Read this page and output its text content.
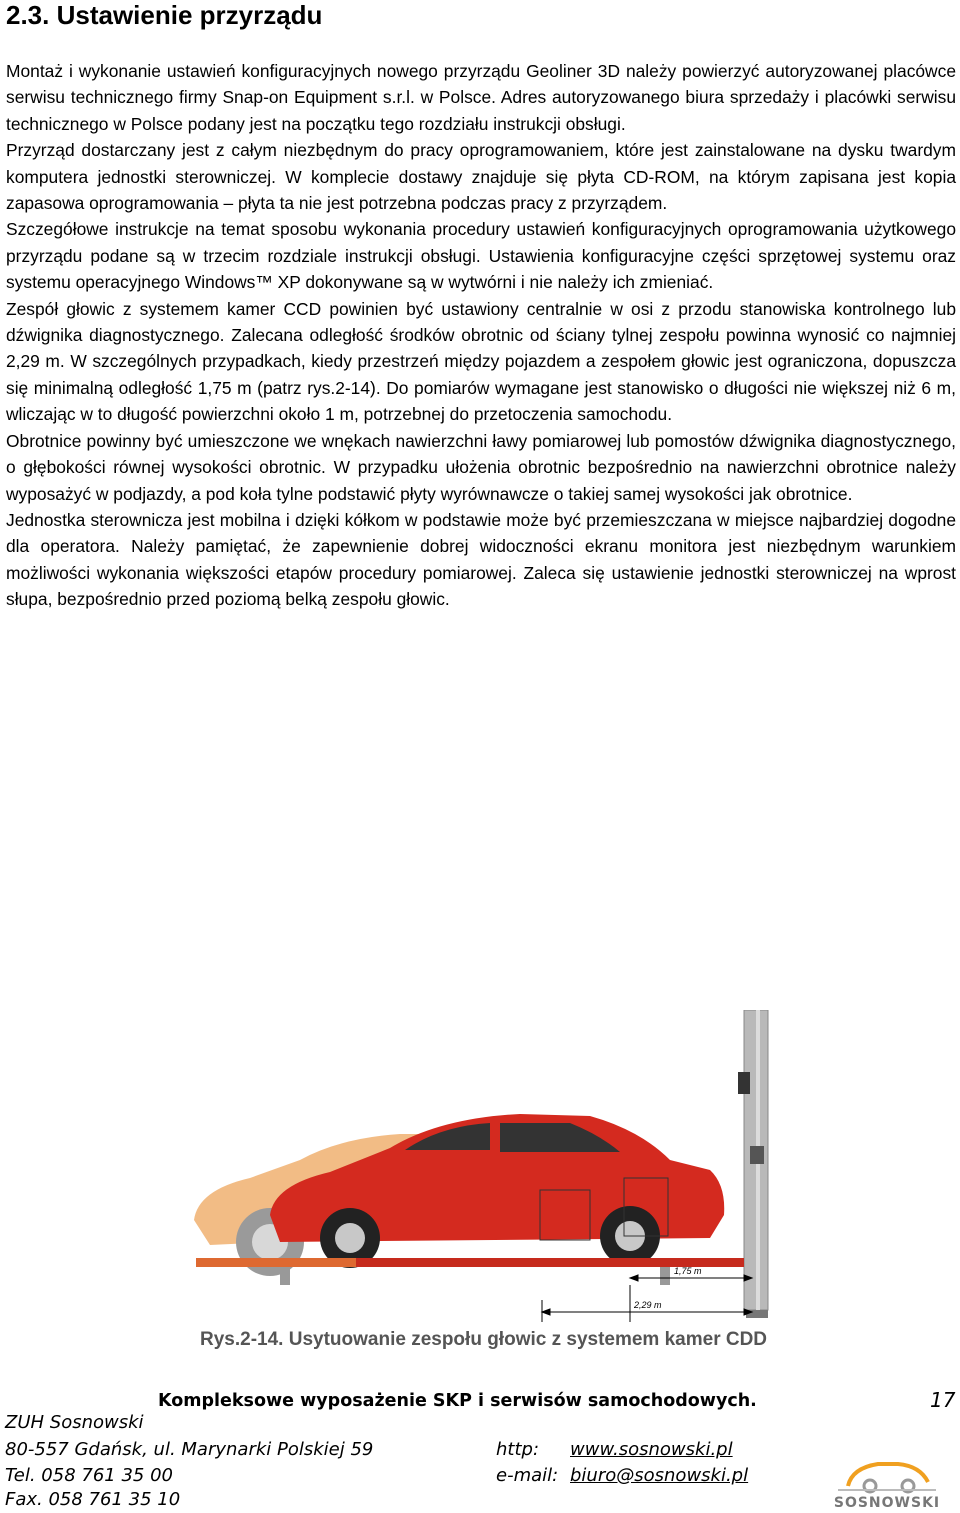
2.3. Ustawienie przyrządu

Montaż i wykonanie ustawień konfiguracyjnych nowego przyrządu Geoliner 3D należy powierzyć autoryzowanej placówce serwisu technicznego firmy Snap-on Equipment s.r.l. w Polsce. Adres autoryzowanego biura sprzedaży i placówki serwisu technicznego w Polsce podany jest na początku tego rozdziału instrukcji obsługi.

Przyrząd dostarczany jest z całym niezbędnym do pracy oprogramowaniem, które jest zainstalowane na dysku twardym komputera jednostki sterowniczej. W komplecie dostawy znajduje się płyta CD-ROM, na którym zapisana jest kopia zapasowa oprogramowania – płyta ta nie jest potrzebna podczas pracy z przyrządem.

Szczegółowe instrukcje na temat sposobu wykonania procedury ustawień konfiguracyjnych oprogramowania użytkowego przyrządu podane są w trzecim rozdziale instrukcji obsługi. Ustawienia konfiguracyjne części sprzętowej systemu oraz systemu operacyjnego Windows™ XP dokonywane są w wytwórni i nie należy ich zmieniać.

Zespół głowic z systemem kamer CCD powinien być ustawiony centralnie w osi z przodu stanowiska kontrolnego lub dźwignika diagnostycznego. Zalecana odległość środków obrotnic od ściany tylnej zespołu powinna wynosić co najmniej 2,29 m. W szczególnych przypadkach, kiedy przestrzeń między pojazdem a zespołem głowic jest ograniczona, dopuszcza się minimalną odległość 1,75 m (patrz rys.2-14). Do pomiarów wymagane jest stanowisko o długości nie większej niż 6 m, wliczając w to długość powierzchni około 1 m, potrzebnej do przetoczenia samochodu.

Obrotnice powinny być umieszczone we wnękach nawierzchni ławy pomiarowej lub pomostów dźwignika diagnostycznego, o głębokości równej wysokości obrotnic. W przypadku ułożenia obrotnic bezpośrednio na nawierzchni obrotnice należy wyposażyć w podjazdy, a pod koła tylne podstawić płyty wyrównawcze o takiej samej wysokości jak obrotnice.

Jednostka sterownicza jest mobilna i dzięki kółkom w podstawie może być przemieszczana w miejsce najbardziej dogodne dla operatora. Należy pamiętać, że zapewnienie dobrej widoczności ekranu monitora jest niezbędnym warunkiem możliwości wykonania większości etapów procedury pomiarowej. Zaleca się ustawienie jednostki sterowniczej na wprost słupa, bezpośrednio przed poziomą belką zespołu głowic.

1,75 m
2,29 m
Rys.2-14. Usytuowanie zespołu głowic z systemem kamer CDD
Kompleksowe wyposażenie SKP i serwisów samochodowych.	17
ZUH Sosnowski
80-557 Gdańsk, ul. Marynarki Polskiej 59
Tel. 058 761 35 00
Fax. 058 761 35 10
http: www.sosnowski.pl
e-mail: biuro@sosnowski.pl
SOSNOWSKI
